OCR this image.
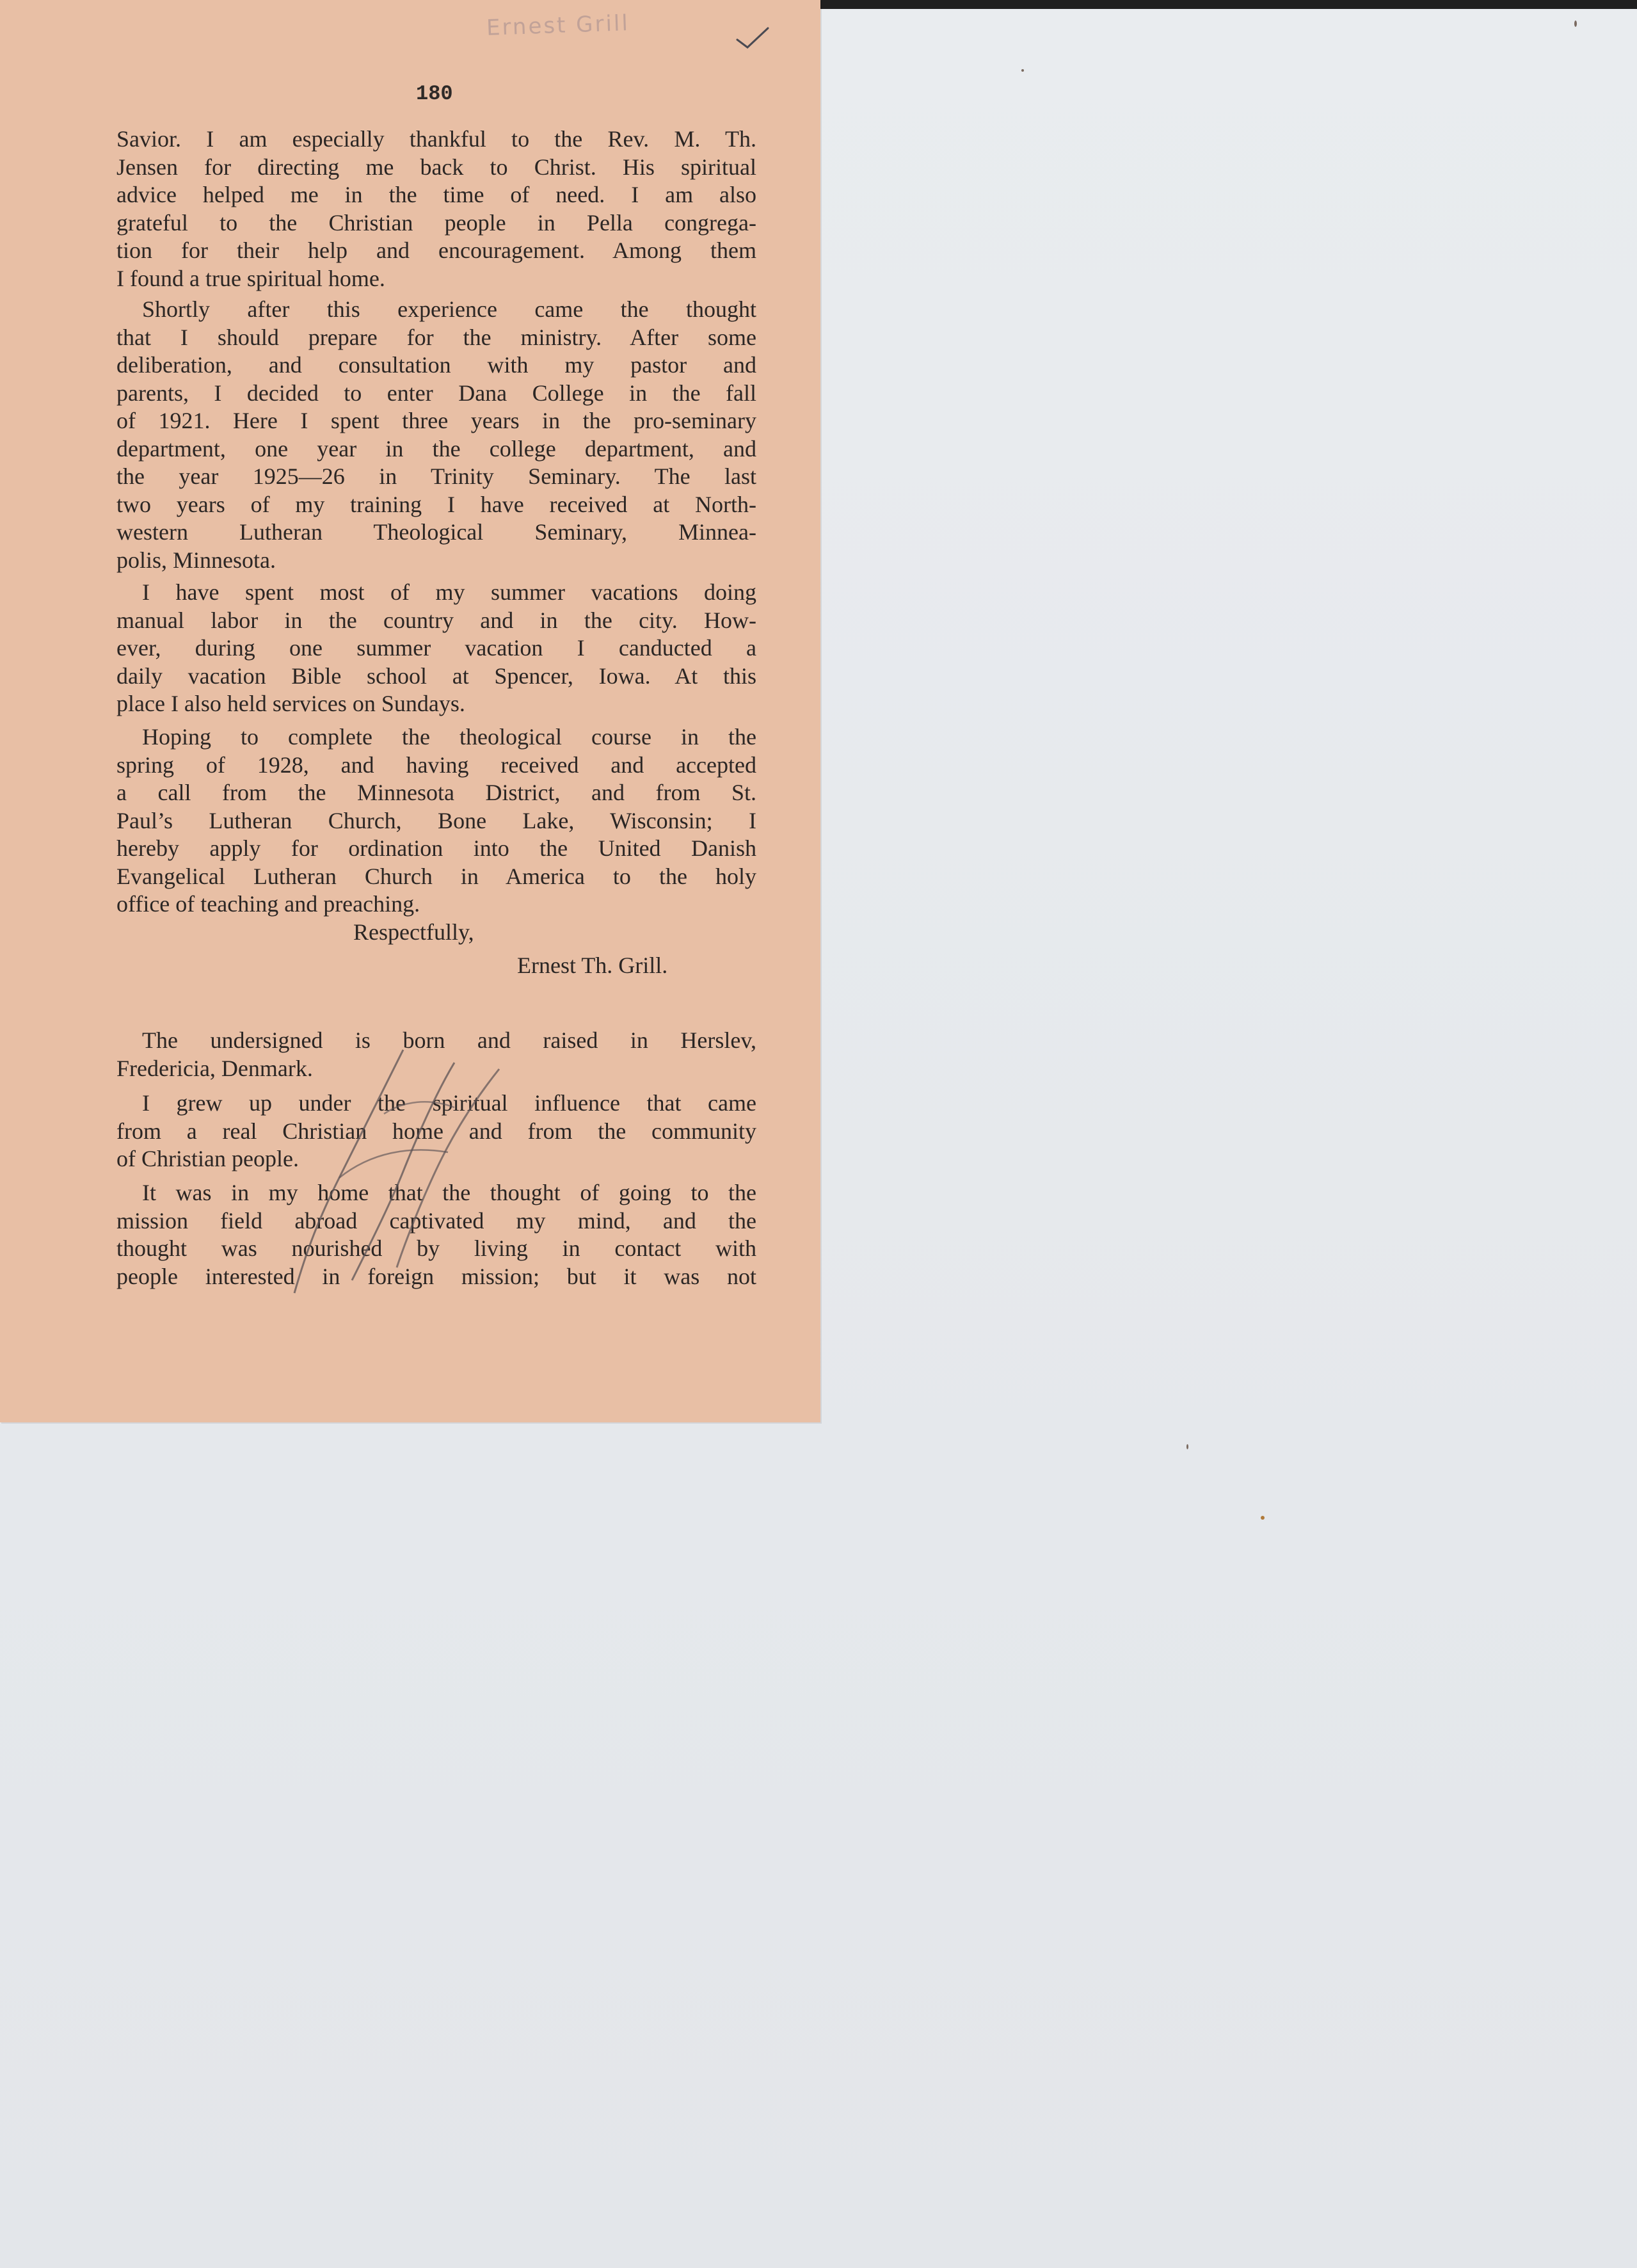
Ernest Grill
180

Savior. I am especially thankful to the Rev. M. Th.
Jensen for directing me back to Christ. His spiritual
advice helped me in the time of need. I am also
grateful to the Christian people in Pella congrega-
tion for their help and encouragement. Among them
I found a true spiritual home.

Shortly after this experience came the thought
that I should prepare for the ministry. After some
deliberation, and consultation with my pastor and
parents, I decided to enter Dana College in the fall
of 1921. Here I spent three years in the pro-seminary
department, one year in the college department, and
the year 1925—26 in Trinity Seminary. The last
two years of my training I have received at North-
western Lutheran Theological Seminary, Minnea-
polis, Minnesota.

I have spent most of my summer vacations doing
manual labor in the country and in the city. How-
ever, during one summer vacation I canducted a
daily vacation Bible school at Spencer, Iowa. At this
place I also held services on Sundays.

Hoping to complete the theological course in the
spring of 1928, and having received and accepted
a call from the Minnesota District, and from St.
Paul’s Lutheran Church, Bone Lake, Wisconsin; I
hereby apply for ordination into the United Danish
Evangelical Lutheran Church in America to the holy
office of teaching and preaching.

Respectfully,
Ernest Th. Grill.

The undersigned is born and raised in Herslev,
Fredericia, Denmark.

I grew up under the spiritual influence that came
from a real Christian home and from the community
of Christian people.

It was in my home that the thought of going to the
mission field abroad captivated my mind, and the
thought was nourished by living in contact with
people interested in foreign mission; but it was not
